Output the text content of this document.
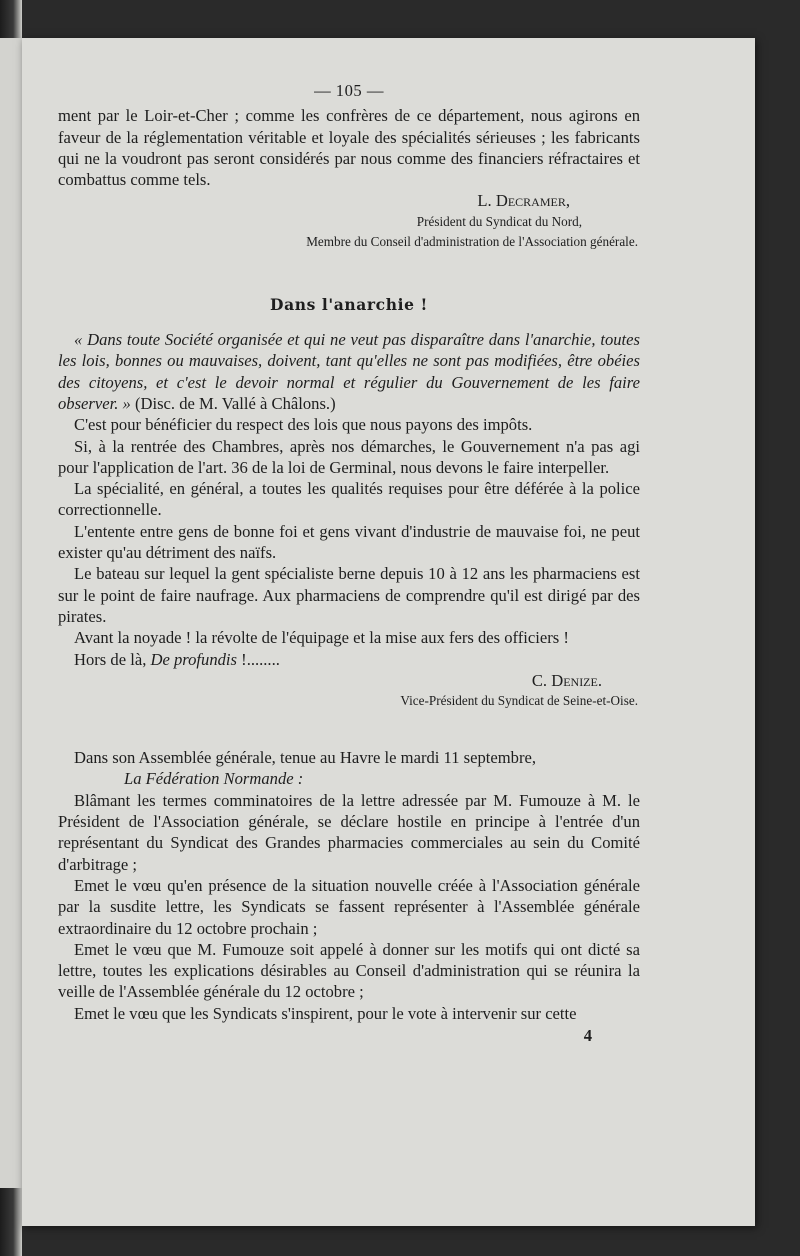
— 105 —

ment par le Loir-et-Cher ; comme les confrères de ce département, nous agirons en faveur de la réglementation véritable et loyale des spécialités sérieuses ; les fabricants qui ne la voudront pas seront considérés par nous comme des financiers réfractaires et combattus comme tels.

L. Decramer,

Président du Syndicat du Nord,

Membre du Conseil d'administration de l'Association générale.

Dans l'anarchie !

« Dans toute Société organisée et qui ne veut pas disparaître dans l'anarchie, toutes les lois, bonnes ou mauvaises, doivent, tant qu'elles ne sont pas modifiées, être obéies des citoyens, et c'est le devoir normal et régulier du Gouvernement de les faire observer. » (Disc. de M. Vallé à Châlons.)

C'est pour bénéficier du respect des lois que nous payons des impôts.

Si, à la rentrée des Chambres, après nos démarches, le Gouvernement n'a pas agi pour l'application de l'art. 36 de la loi de Germinal, nous devons le faire interpeller.

La spécialité, en général, a toutes les qualités requises pour être déférée à la police correctionnelle.

L'entente entre gens de bonne foi et gens vivant d'industrie de mauvaise foi, ne peut exister qu'au détriment des naïfs.

Le bateau sur lequel la gent spécialiste berne depuis 10 à 12 ans les pharmaciens est sur le point de faire naufrage. Aux pharmaciens de comprendre qu'il est dirigé par des pirates.

Avant la noyade ! la révolte de l'équipage et la mise aux fers des officiers !

Hors de là, De profundis !........

C. Denize.

Vice-Président du Syndicat de Seine-et-Oise.

Dans son Assemblée générale, tenue au Havre le mardi 11 septembre,

La Fédération Normande :

Blâmant les termes comminatoires de la lettre adressée par M. Fumouze à M. le Président de l'Association générale, se déclare hostile en principe à l'entrée d'un représentant du Syndicat des Grandes pharmacies commerciales au sein du Comité d'arbitrage ;

Emet le vœu qu'en présence de la situation nouvelle créée à l'Association générale par la susdite lettre, les Syndicats se fassent représenter à l'Assemblée générale extraordinaire du 12 octobre prochain ;

Emet le vœu que M. Fumouze soit appelé à donner sur les motifs qui ont dicté sa lettre, toutes les explications désirables au Conseil d'administration qui se réunira la veille de l'Assemblée générale du 12 octobre ;

Emet le vœu que les Syndicats s'inspirent, pour le vote à intervenir sur cette

4
